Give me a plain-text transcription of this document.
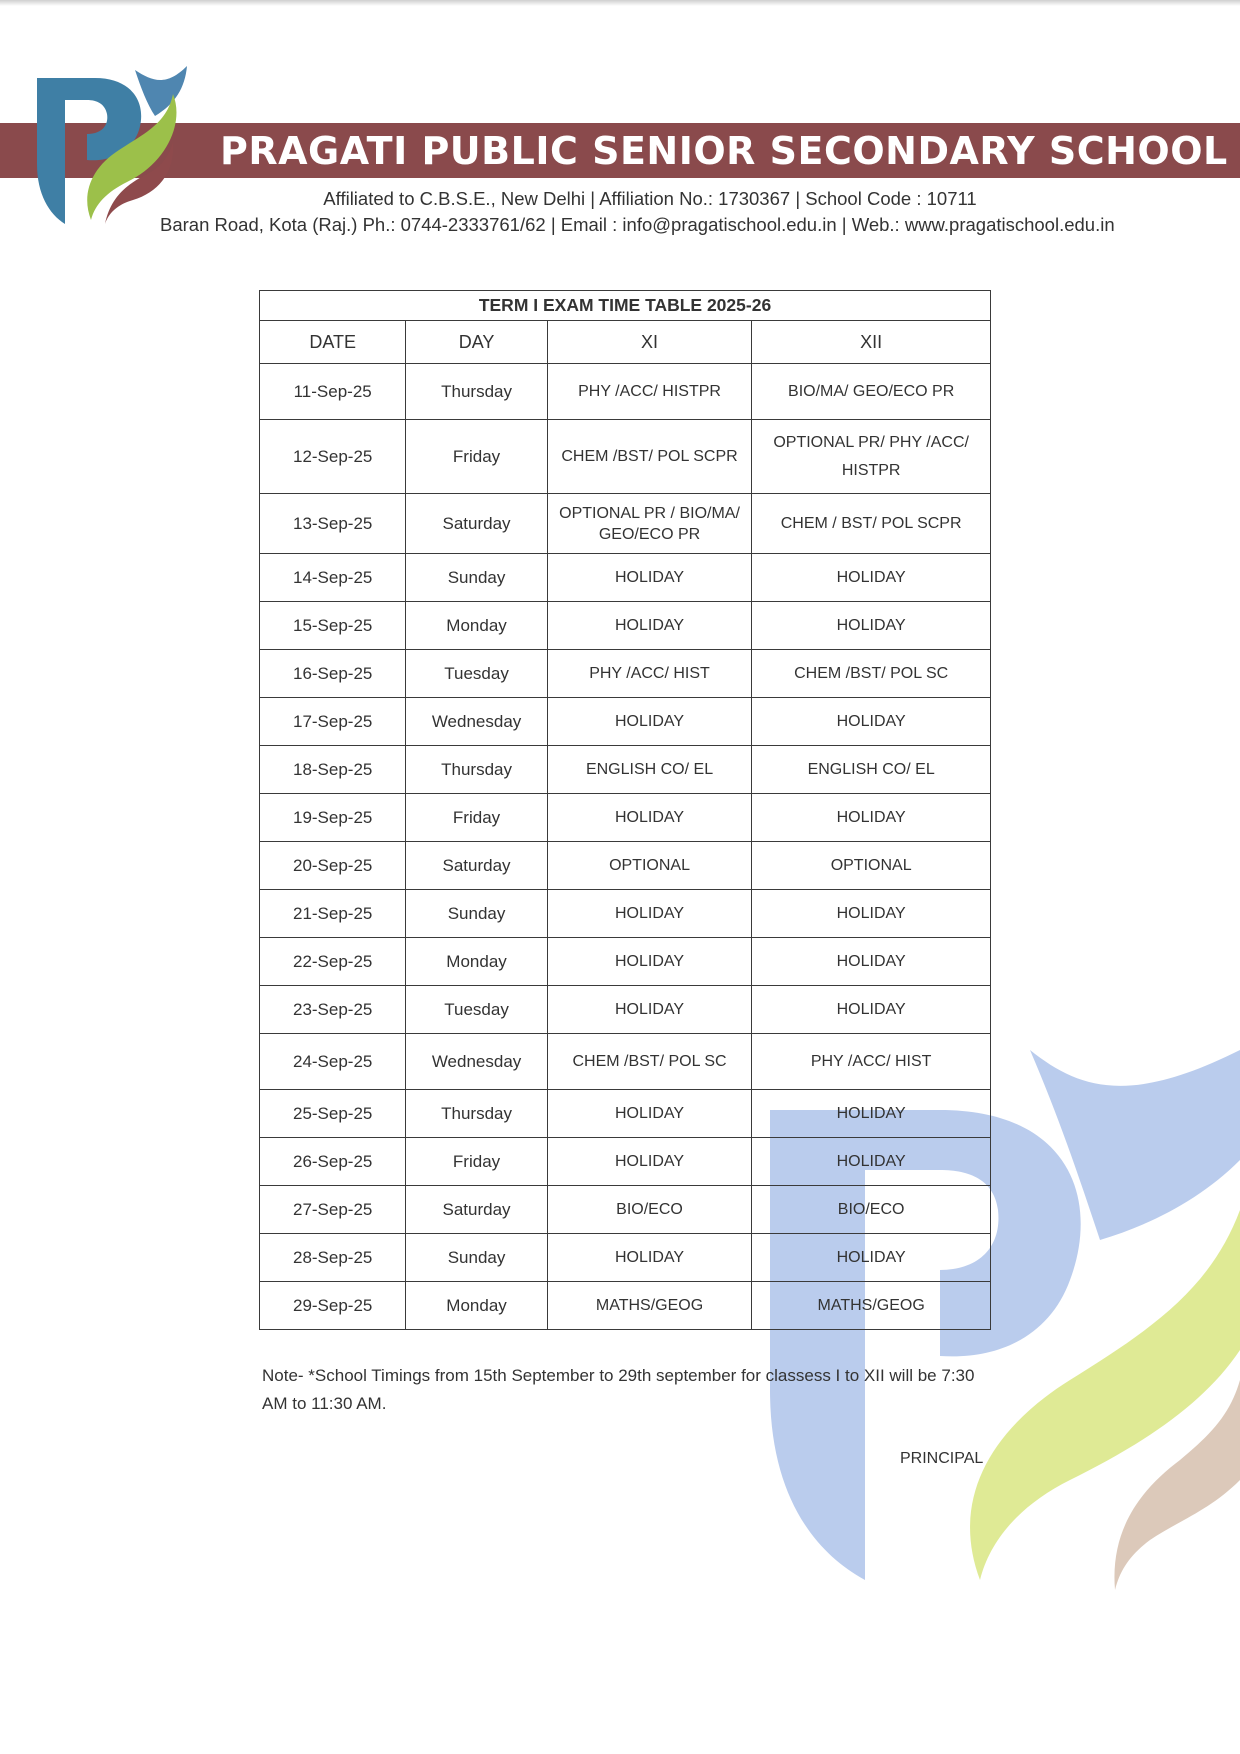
PRAGATI PUBLIC SENIOR SECONDARY SCHOOL
Affiliated to C.B.S.E., New Delhi | Affiliation No.: 1730367 | School Code : 10711
Baran Road, Kota (Raj.) Ph.: 0744-2333761/62 | Email : info@pragatischool.edu.in | Web.: www.pragatischool.edu.in
TERM I EXAM TIME TABLE 2025-26			
DATE	DAY	XI	XII
11-Sep-25	Thursday	PHY /ACC/ HISTPR	BIO/MA/ GEO/ECO PR
12-Sep-25	Friday	CHEM /BST/ POL SCPR	OPTIONAL PR/ PHY /ACC/ HISTPR
13-Sep-25	Saturday	OPTIONAL PR / BIO/MA/ GEO/ECO PR	CHEM / BST/ POL SCPR
14-Sep-25	Sunday	HOLIDAY	HOLIDAY
15-Sep-25	Monday	HOLIDAY	HOLIDAY
16-Sep-25	Tuesday	PHY /ACC/ HIST	CHEM /BST/ POL SC
17-Sep-25	Wednesday	HOLIDAY	HOLIDAY
18-Sep-25	Thursday	ENGLISH CO/ EL	ENGLISH CO/ EL
19-Sep-25	Friday	HOLIDAY	HOLIDAY
20-Sep-25	Saturday	OPTIONAL	OPTIONAL
21-Sep-25	Sunday	HOLIDAY	HOLIDAY
22-Sep-25	Monday	HOLIDAY	HOLIDAY
23-Sep-25	Tuesday	HOLIDAY	HOLIDAY
24-Sep-25	Wednesday	CHEM /BST/ POL SC	PHY /ACC/ HIST
25-Sep-25	Thursday	HOLIDAY	HOLIDAY
26-Sep-25	Friday	HOLIDAY	HOLIDAY
27-Sep-25	Saturday	BIO/ECO	BIO/ECO
28-Sep-25	Sunday	HOLIDAY	HOLIDAY
29-Sep-25	Monday	MATHS/GEOG	MATHS/GEOG
Note- *School Timings from 15th September to 29th september for classess I to XII will be 7:30 AM to 11:30 AM.
PRINCIPAL
